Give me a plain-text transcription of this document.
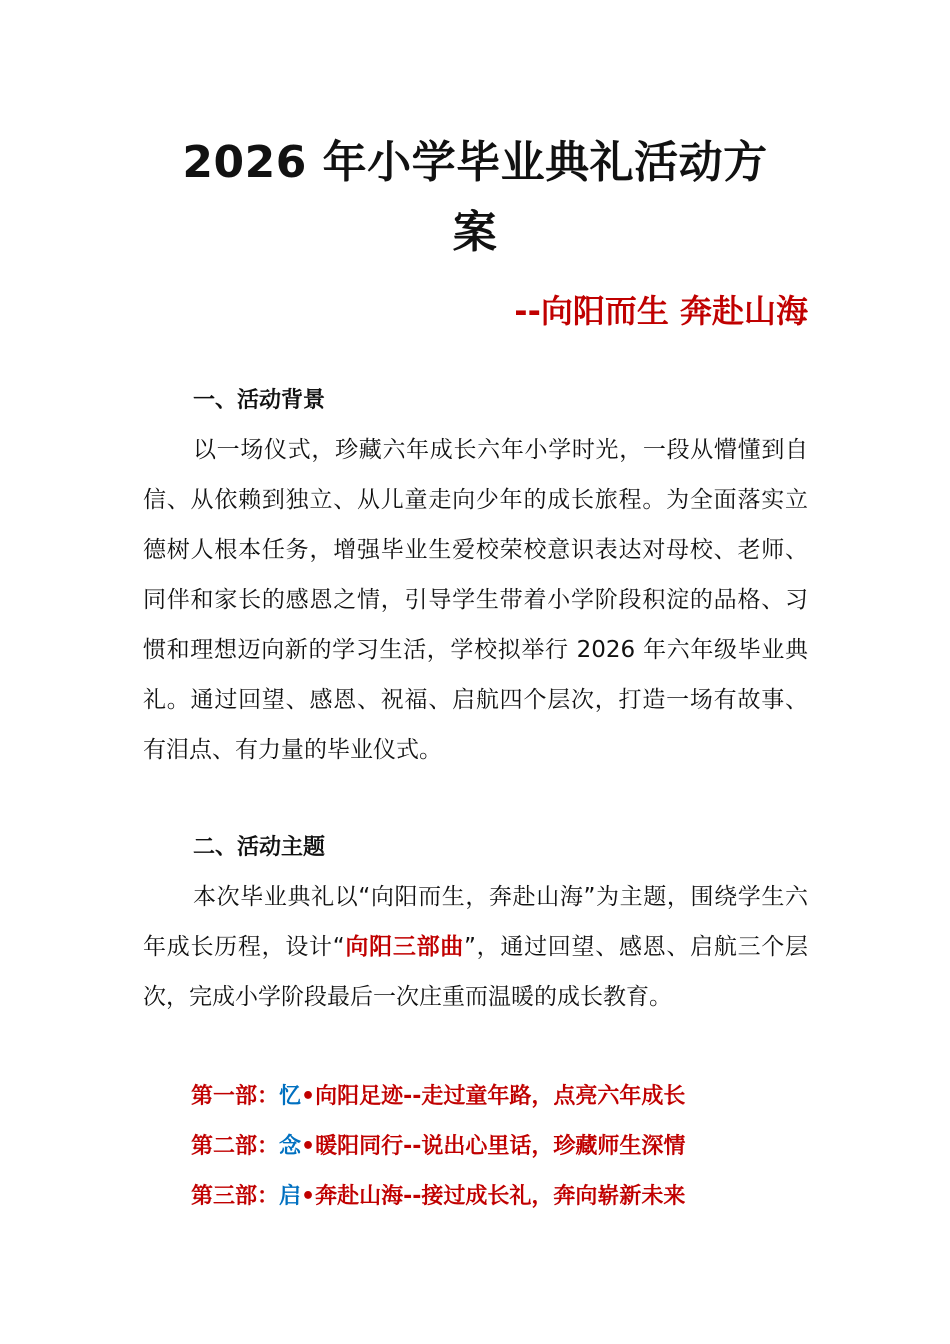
2026 年小学毕业典礼活动方
案
--向阳而生 奔赴山海
一、活动背景
以一场仪式，珍藏六年成长六年小学时光，一段从懵懂到自信、从依赖到独立、从儿童走向少年的成长旅程。为全面落实立德树人根本任务，增强毕业生爱校荣校意识表达对母校、老师、同伴和家长的感恩之情，引导学生带着小学阶段积淀的品格、习惯和理想迈向新的学习生活，学校拟举行 2026 年六年级毕业典礼。通过回望、感恩、祝福、启航四个层次，打造一场有故事、有泪点、有力量的毕业仪式。
二、活动主题
本次毕业典礼以“向阳而生，奔赴山海”为主题，围绕学生六年成长历程，设计“向阳三部曲”，通过回望、感恩、启航三个层次，完成小学阶段最后一次庄重而温暖的成长教育。
第一部：忆•向阳足迹--走过童年路，点亮六年成长
第二部：念•暖阳同行--说出心里话，珍藏师生深情
第三部：启•奔赴山海--接过成长礼，奔向崭新未来
